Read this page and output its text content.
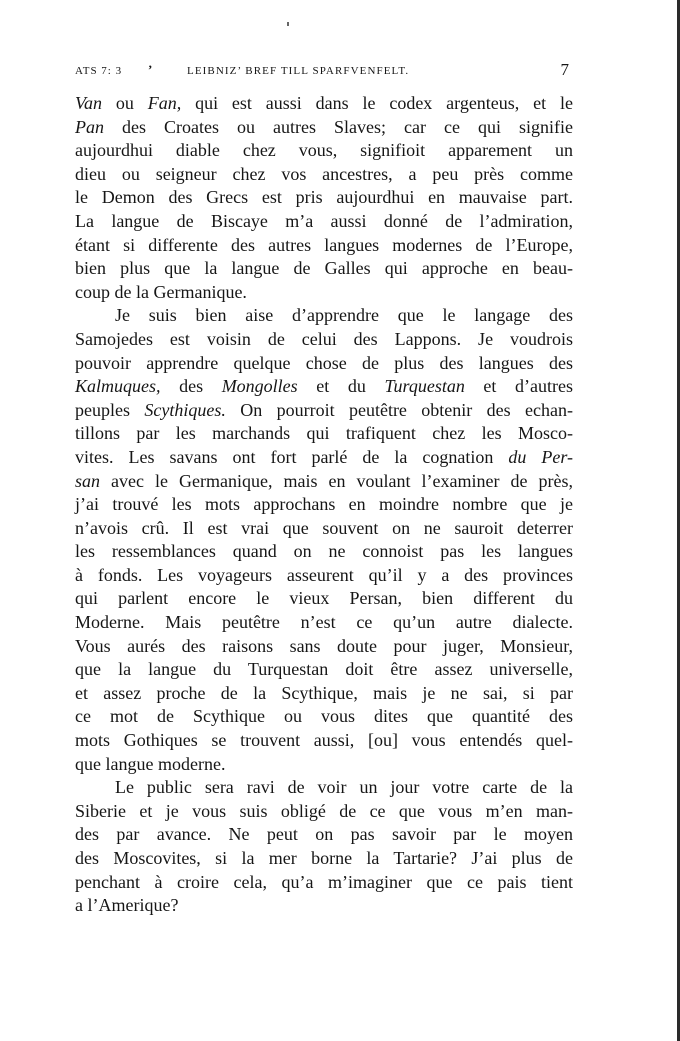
ATS 7: 3 ’	LEIBNIZ’ BREF TILL SPARFVENFELT.	7
Van ou Fan, qui est aussi dans le codex argenteus, et le
Pan des Croates ou autres Slaves; car ce qui signifie
aujourdhui diable chez vous, signifioit apparement un
dieu ou seigneur chez vos ancestres, a peu près comme
le Demon des Grecs est pris aujourdhui en mauvaise part.
La langue de Biscaye m’a aussi donné de l’admiration,
étant si differente des autres langues modernes de l’Europe,
bien plus que la langue de Galles qui approche en beau-
coup de la Germanique.
Je suis bien aise d’apprendre que le langage des
Samojedes est voisin de celui des Lappons. Je voudrois
pouvoir apprendre quelque chose de plus des langues des
Kalmuques, des Mongolles et du Turquestan et d’autres
peuples Scythiques. On pourroit peutêtre obtenir des echan-
tillons par les marchands qui trafiquent chez les Mosco-
vites. Les savans ont fort parlé de la cognation du Per-
san avec le Germanique, mais en voulant l’examiner de près,
j’ai trouvé les mots approchans en moindre nombre que je
n’avois crû. Il est vrai que souvent on ne sauroit deterrer
les ressemblances quand on ne connoist pas les langues
à fonds. Les voyageurs asseurent qu’il y a des provinces
qui parlent encore le vieux Persan, bien different du
Moderne. Mais peutêtre n’est ce qu’un autre dialecte.
Vous aurés des raisons sans doute pour juger, Monsieur,
que la langue du Turquestan doit être assez universelle,
et assez proche de la Scythique, mais je ne sai, si par
ce mot de Scythique ou vous dites que quantité des
mots Gothiques se trouvent aussi, [ou] vous entendés quel-
que langue moderne.
Le public sera ravi de voir un jour votre carte de la
Siberie et je vous suis obligé de ce que vous m’en man-
des par avance. Ne peut on pas savoir par le moyen
des Moscovites, si la mer borne la Tartarie? J’ai plus de
penchant à croire cela, qu’a m’imaginer que ce pais tient
a l’Amerique?
